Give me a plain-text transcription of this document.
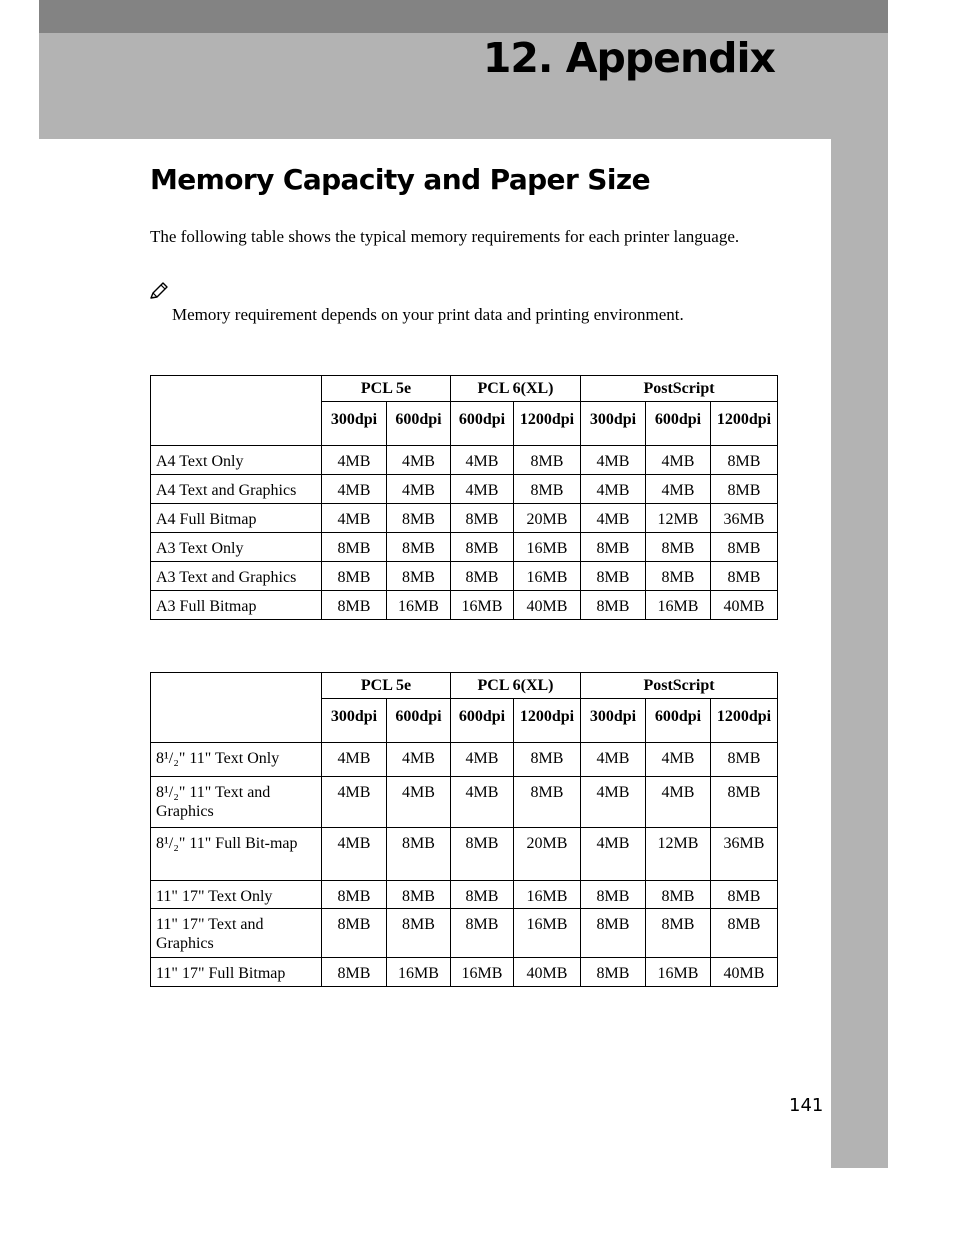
12. Appendix
Memory Capacity and Paper Size

The following table shows the typical memory requirements for each printer language.

Memory requirement depends on your print data and printing environment.

	PCL 5e		PCL 6(XL)		PostScript		
	300dpi	600dpi	600dpi	1200dpi	300dpi	600dpi	1200dpi
A4 Text Only	4MB	4MB	4MB	8MB	4MB	4MB	8MB
A4 Text and Graphics	4MB	4MB	4MB	8MB	4MB	4MB	8MB
A4 Full Bitmap	4MB	8MB	8MB	20MB	4MB	12MB	36MB
A3 Text Only	8MB	8MB	8MB	16MB	8MB	8MB	8MB
A3 Text and Graphics	8MB	8MB	8MB	16MB	8MB	8MB	8MB
A3 Full Bitmap	8MB	16MB	16MB	40MB	8MB	16MB	40MB
	PCL 5e		PCL 6(XL)		PostScript		
	300dpi	600dpi	600dpi	1200dpi	300dpi	600dpi	1200dpi
8¹/₂" 11" Text Only	4MB	4MB	4MB	8MB	4MB	4MB	8MB
8¹/₂" 11" Text and Graphics	4MB	4MB	4MB	8MB	4MB	4MB	8MB
8¹/₂" 11" Full Bit-map	4MB	8MB	8MB	20MB	4MB	12MB	36MB
11" 17" Text Only	8MB	8MB	8MB	16MB	8MB	8MB	8MB
11" 17" Text and Graphics	8MB	8MB	8MB	16MB	8MB	8MB	8MB
11" 17" Full Bitmap	8MB	16MB	16MB	40MB	8MB	16MB	40MB
141
